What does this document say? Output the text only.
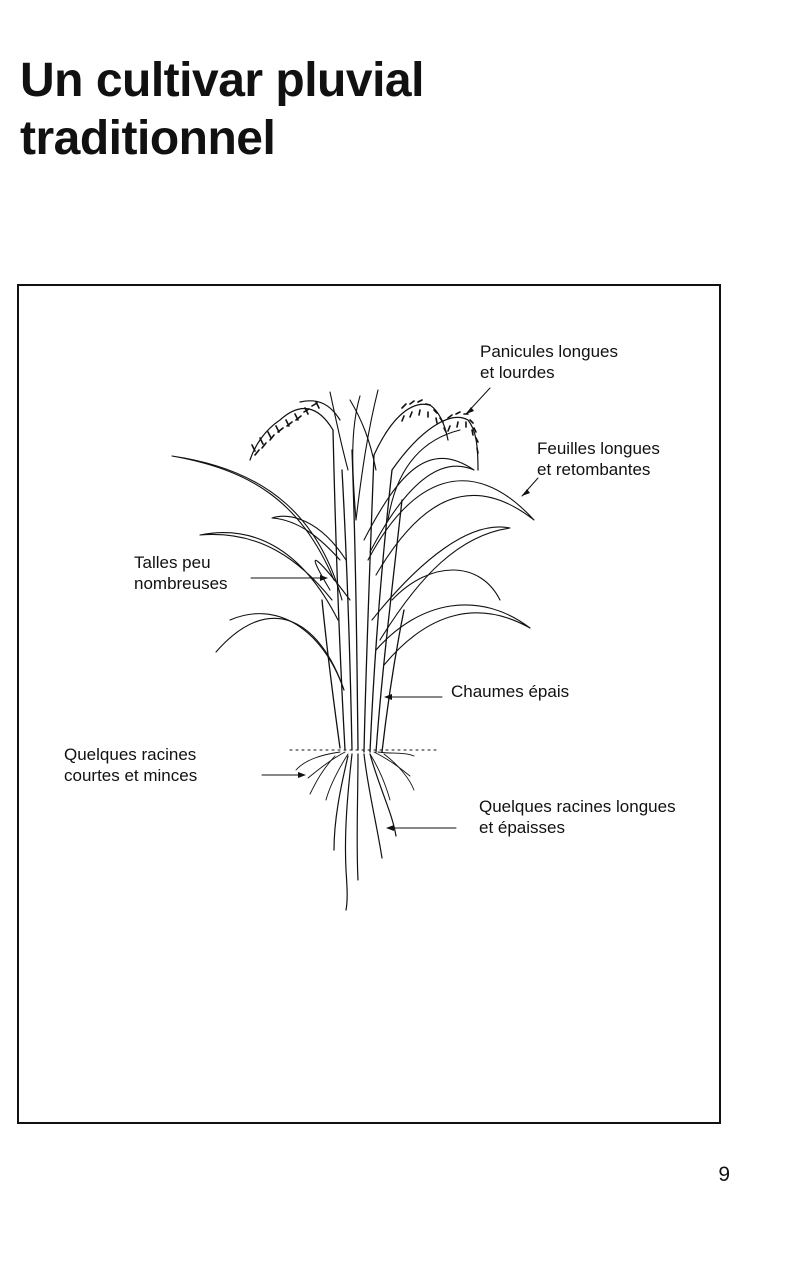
Un cultivar pluvial
traditionnel
Panicules longues
et lourdes
Feuilles longues
et retombantes
Talles peu
nombreuses
Chaumes épais
Quelques racines
courtes et minces
Quelques racines longues
et épaisses
9
